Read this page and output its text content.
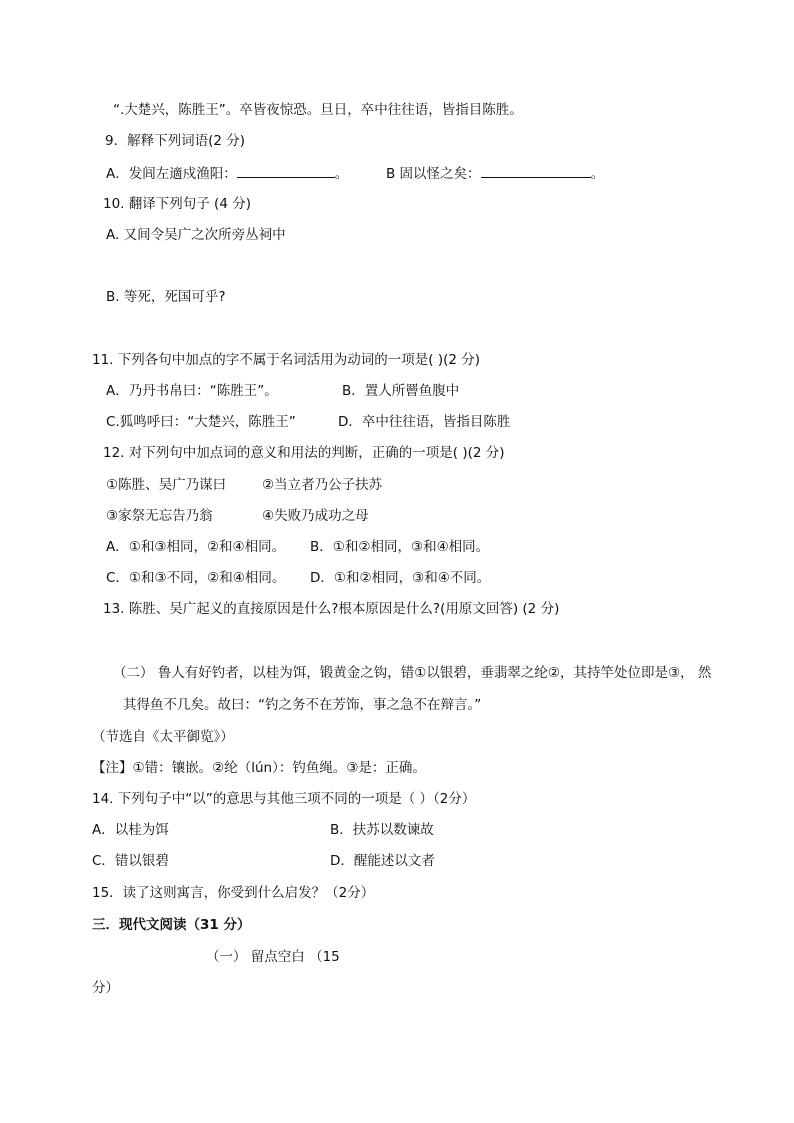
“.大楚兴，陈胜王”。卒皆夜惊恐。旦日，卒中往往语，皆指目陈胜。
9．解释下列词语(2 分)
A．发闾左適戍渔阳：	。	B 固以怪之矣：	。
10. 翻译下列句子 (4 分)
A. 又间令吴广之次所旁丛祠中
B. 等死，死国可乎?
11. 下列各句中加点的字不属于名词活用为动词的一项是( )(2 分)
A．乃丹书帛曰：“陈胜王”。	B．置人所罾鱼腹中
C.狐鸣呼曰：“大楚兴，陈胜王”	D．卒中往往语，皆指目陈胜
12. 对下列句中加点词的意义和用法的判断，正确的一项是( )(2 分)
①陈胜、吴广乃谋曰	②当立者乃公子扶苏
③家祭无忘告乃翁	④失败乃成功之母
A．①和③相同，②和④相同。 B．①和②相同，③和④相同。
C．①和③不同，②和④相同。 D．①和②相同，③和④不同。
13. 陈胜、吴广起义的直接原因是什么?根本原因是什么?(用原文回答) (2 分)
（二） 鲁人有好钓者，以桂为饵，锻黄金之钩，错①以银碧，垂翡翠之纶②，其持竿处位即是③， 然
其得鱼不几矣。故曰：“钓之务不在芳饰，事之急不在辩言。”
（节选自《太平御览》）
【注】①错：镶嵌。②纶（lún）：钓鱼绳。③是：正确。
14. 下列句子中“以”的意思与其他三项不同的一项是（ ）（2分）
A．以桂为饵	B．扶苏以数谏故
C．错以银碧	D．醒能述以文者
15．读了这则寓言，你受到什么启发？（2分）
三．现代文阅读（31 分）
（一） 留点空白 （15
分）
